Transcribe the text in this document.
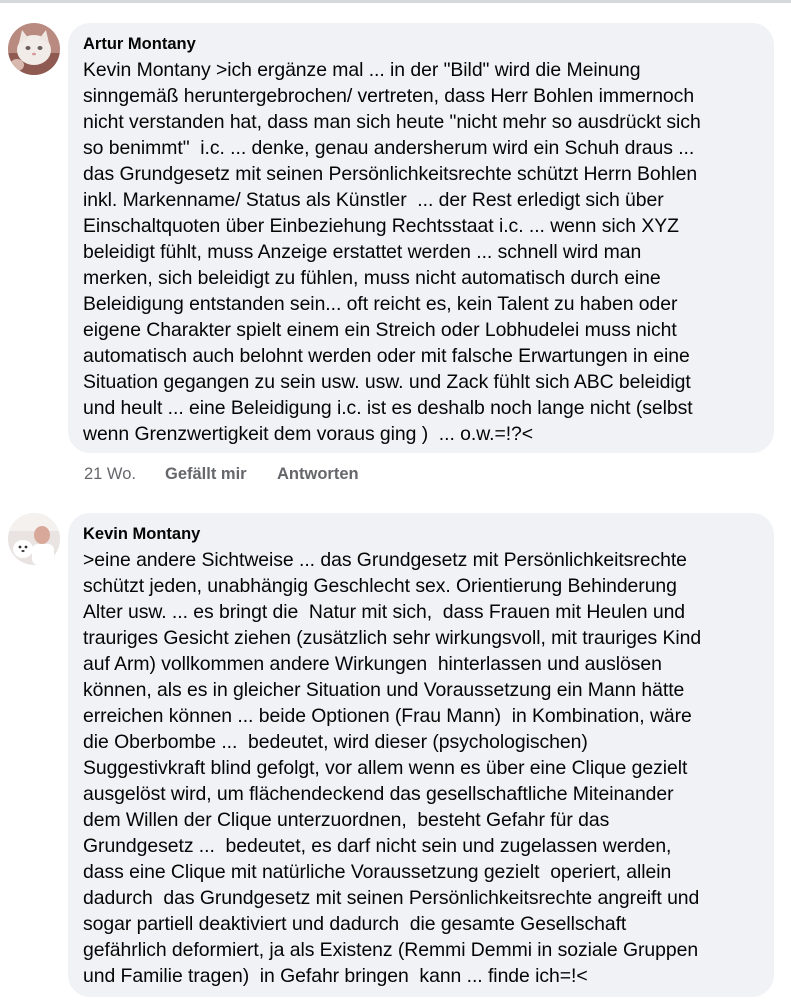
Artur Montany
Kevin Montany >ich ergänze mal ... in der "Bild" wird die Meinung
sinngemäß heruntergebrochen/ vertreten, dass Herr Bohlen immernoch
nicht verstanden hat, dass man sich heute "nicht mehr so ausdrückt sich
so benimmt"  i.c. ... denke, genau andersherum wird ein Schuh draus ...
das Grundgesetz mit seinen Persönlichkeitsrechte schützt Herrn Bohlen
inkl. Markenname/ Status als Künstler  ... der Rest erledigt sich über
Einschaltquoten über Einbeziehung Rechtsstaat i.c. ... wenn sich XYZ
beleidigt fühlt, muss Anzeige erstattet werden ... schnell wird man
merken, sich beleidigt zu fühlen, muss nicht automatisch durch eine
Beleidigung entstanden sein... oft reicht es, kein Talent zu haben oder
eigene Charakter spielt einem ein Streich oder Lobhudelei muss nicht
automatisch auch belohnt werden oder mit falsche Erwartungen in eine
Situation gegangen zu sein usw. usw. und Zack fühlt sich ABC beleidigt
und heult ... eine Beleidigung i.c. ist es deshalb noch lange nicht (selbst
wenn Grenzwertigkeit dem voraus ging )  ... o.w.=!?<
21 Wo.	Gefällt mir	Antworten
Kevin Montany
>eine andere Sichtweise ... das Grundgesetz mit Persönlichkeitsrechte
schützt jeden, unabhängig Geschlecht sex. Orientierung Behinderung
Alter usw. ... es bringt die  Natur mit sich,  dass Frauen mit Heulen und
trauriges Gesicht ziehen (zusätzlich sehr wirkungsvoll, mit trauriges Kind
auf Arm) vollkommen andere Wirkungen  hinterlassen und auslösen
können, als es in gleicher Situation und Voraussetzung ein Mann hätte
erreichen können ... beide Optionen (Frau Mann)  in Kombination, wäre
die Oberbombe ...  bedeutet, wird dieser (psychologischen)
Suggestivkraft blind gefolgt, vor allem wenn es über eine Clique gezielt
ausgelöst wird, um flächendeckend das gesellschaftliche Miteinander
dem Willen der Clique unterzuordnen,  besteht Gefahr für das
Grundgesetz ...  bedeutet, es darf nicht sein und zugelassen werden,
dass eine Clique mit natürliche Voraussetzung gezielt  operiert, allein
dadurch  das Grundgesetz mit seinen Persönlichkeitsrechte angreift und
sogar partiell deaktiviert und dadurch  die gesamte Gesellschaft
gefährlich deformiert, ja als Existenz (Remmi Demmi in soziale Gruppen
und Familie tragen)  in Gefahr bringen  kann ... finde ich=!<
